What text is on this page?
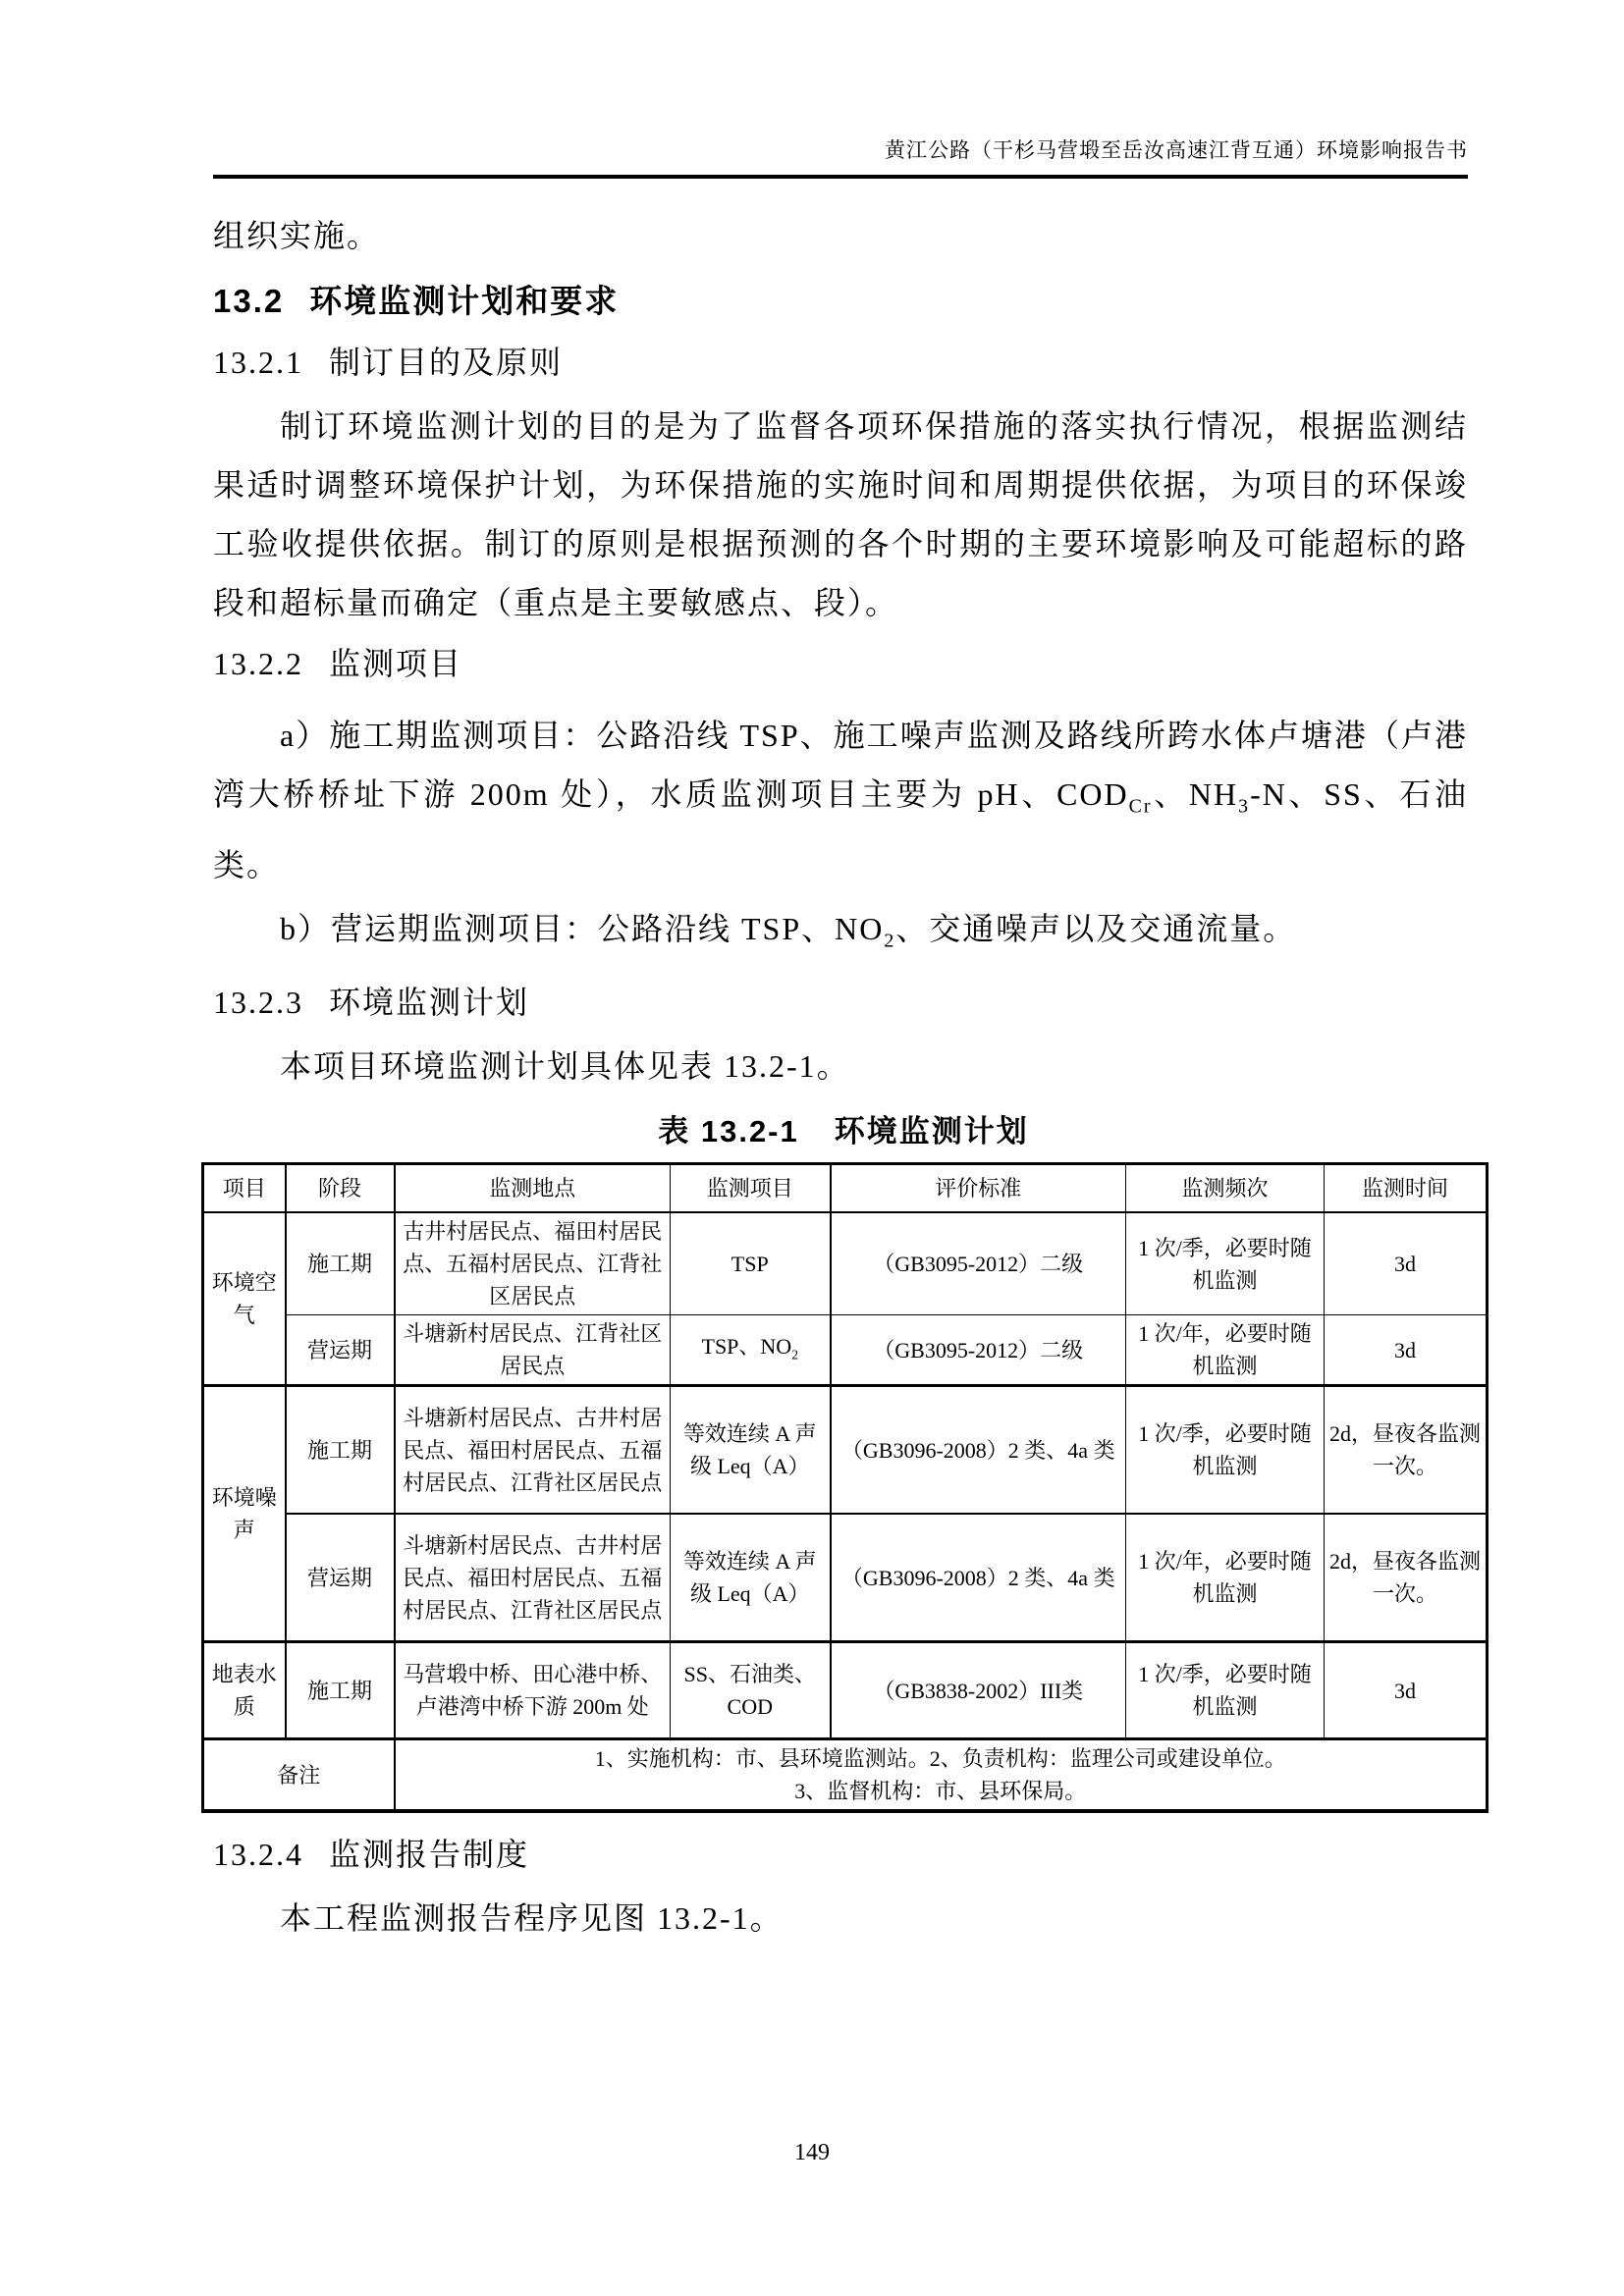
黄江公路（干杉马营塅至岳汝高速江背互通）环境影响报告书

组织实施。

13.2 环境监测计划和要求
13.2.1 制订目的及原则

制订环境监测计划的目的是为了监督各项环保措施的落实执行情况，根据监测结果适时调整环境保护计划，为环保措施的实施时间和周期提供依据，为项目的环保竣工验收提供依据。制订的原则是根据预测的各个时期的主要环境影响及可能超标的路段和超标量而确定（重点是主要敏感点、段）。

13.2.2 监测项目

a）施工期监测项目：公路沿线 TSP、施工噪声监测及路线所跨水体卢塘港（卢港湾大桥桥址下游 200m 处），水质监测项目主要为 pH、$COD_{Cr}$、$NH_3-N$、SS、石油类。

b）营运期监测项目：公路沿线 TSP、$NO_2$、交通噪声以及交通流量。

13.2.3 环境监测计划

本项目环境监测计划具体见表 13.2-1。

表 13.2-1 环境监测计划
项目	阶段	监测地点	监测项目	评价标准	监测频次	监测时间
环境空气	施工期	古井村居民点、福田村居民点、五福村居民点、江背社区居民点	TSP	（GB3095-2012）二级	1 次/季，必要时随机监测	3d
	营运期	斗塘新村居民点、江背社区居民点	TSP、$NO_2$	（GB3095-2012）二级	1 次/年，必要时随机监测	3d
环境噪声	施工期	斗塘新村居民点、古井村居民点、福田村居民点、五福村居民点、江背社区居民点	等效连续 A 声级 Leq（A）	（GB3096-2008）2 类、4a 类	1 次/季，必要时随机监测	2d，昼夜各监测一次。
	营运期	斗塘新村居民点、古井村居民点、福田村居民点、五福村居民点、江背社区居民点	等效连续 A 声级 Leq（A）	（GB3096-2008）2 类、4a 类	1 次/年，必要时随机监测	2d，昼夜各监测一次。
地表水质	施工期	马营塅中桥、田心港中桥、卢港湾中桥下游 200m 处	SS、石油类、COD	（GB3838-2002）III类	1 次/季，必要时随机监测	3d
备注		1、实施机构：市、县环境监测站。2、负责机构：监理公司或建设单位。
3、监督机构：市、县环保局。				
13.2.4 监测报告制度

本工程监测报告程序见图 13.2-1。

149
